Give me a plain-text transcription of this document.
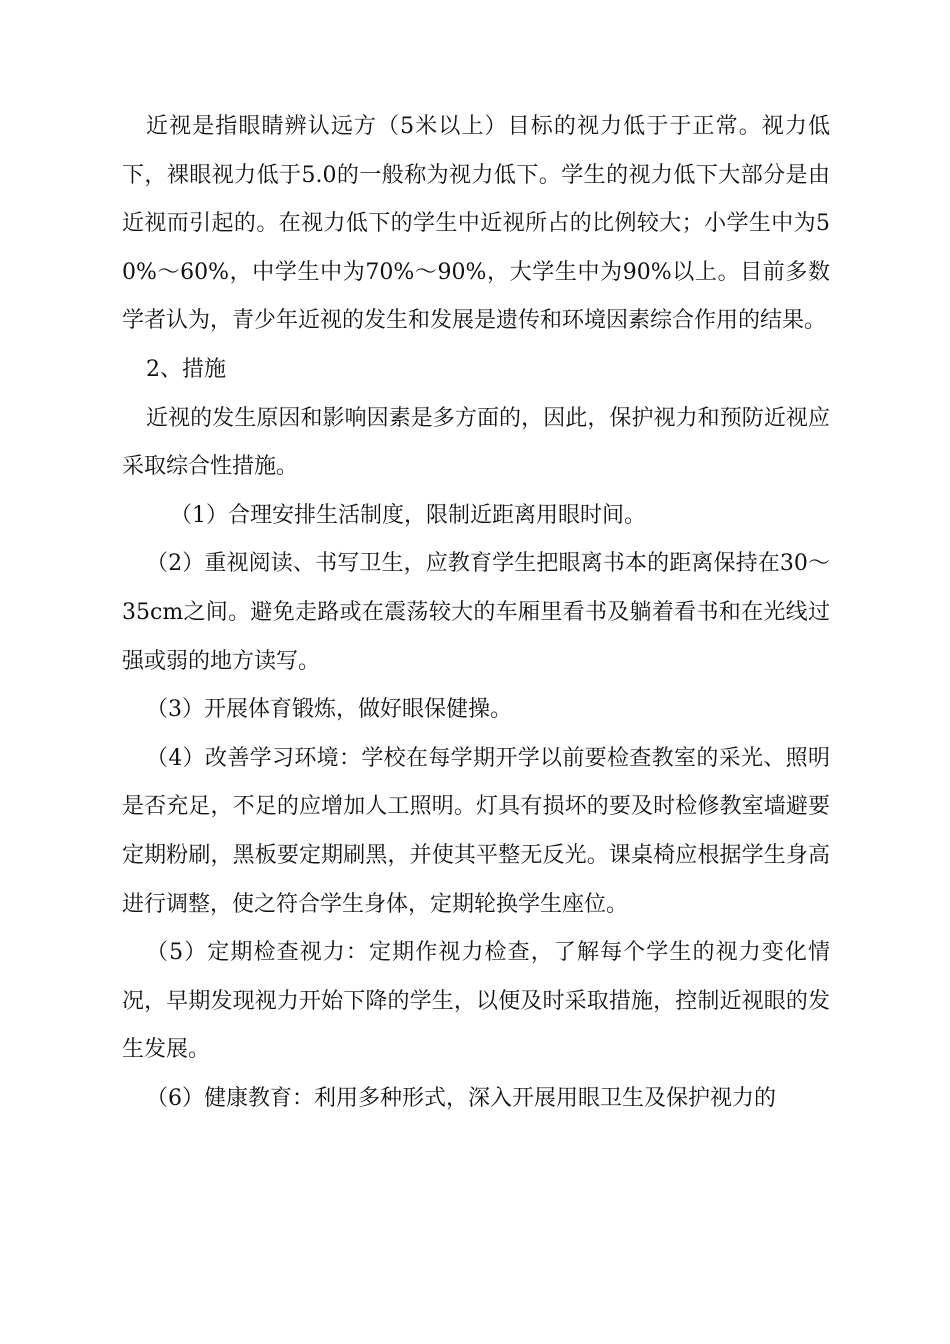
近视是指眼睛辨认远方（5米以上）目标的视力低于于正常。视力低下，裸眼视力低于5.0的一般称为视力低下。学生的视力低下大部分是由近视而引起的。在视力低下的学生中近视所占的比例较大；小学生中为50%～60%，中学生中为70%～90%，大学生中为90%以上。目前多数学者认为，青少年近视的发生和发展是遗传和环境因素综合作用的结果。

2、措施

近视的发生原因和影响因素是多方面的，因此，保护视力和预防近视应采取综合性措施。

（1）合理安排生活制度，限制近距离用眼时间。

（2）重视阅读、书写卫生，应教育学生把眼离书本的距离保持在30～35cm之间。避免走路或在震荡较大的车厢里看书及躺着看书和在光线过强或弱的地方读写。

（3）开展体育锻炼，做好眼保健操。

（4）改善学习环境：学校在每学期开学以前要检查教室的采光、照明是否充足，不足的应增加人工照明。灯具有损坏的要及时检修教室墙避要定期粉刷，黑板要定期刷黑，并使其平整无反光。课桌椅应根据学生身高进行调整，使之符合学生身体，定期轮换学生座位。

（5）定期检查视力：定期作视力检查，了解每个学生的视力变化情况，早期发现视力开始下降的学生，以便及时采取措施，控制近视眼的发生发展。

（6）健康教育：利用多种形式，深入开展用眼卫生及保护视力的
